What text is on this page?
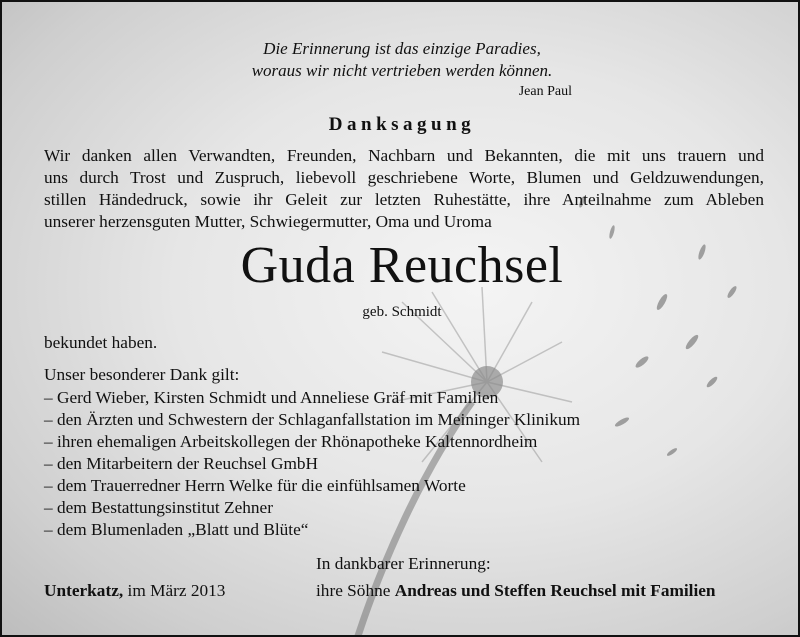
Die Erinnerung ist das einzige Paradies,
woraus wir nicht vertrieben werden können.
Jean Paul
Danksagung
Wir danken allen Verwandten, Freunden, Nachbarn und Bekannten, die mit uns trauern und
uns durch Trost und Zuspruch, liebevoll geschriebene Worte, Blumen und Geldzuwendungen,
stillen Händedruck, sowie ihr Geleit zur letzten Ruhestätte, ihre Anteilnahme zum Ableben
unserer herzensguten Mutter, Schwiegermutter, Oma und Uroma
Guda Reuchsel
geb. Schmidt
bekundet haben.
Unser besonderer Dank gilt:
– Gerd Wieber, Kirsten Schmidt und Anneliese Gräf mit Familien
– den Ärzten und Schwestern der Schlaganfallstation im Meininger Klinikum
– ihren ehemaligen Arbeitskollegen der Rhönapotheke Kaltennordheim
– den Mitarbeitern der Reuchsel GmbH
– dem Trauerredner Herrn Welke für die einfühlsamen Worte
– dem Bestattungsinstitut Zehner
– dem Blumenladen „Blatt und Blüte“
Unterkatz, im März 2013
In dankbarer Erinnerung:
ihre Söhne Andreas und Steffen Reuchsel mit Familien
